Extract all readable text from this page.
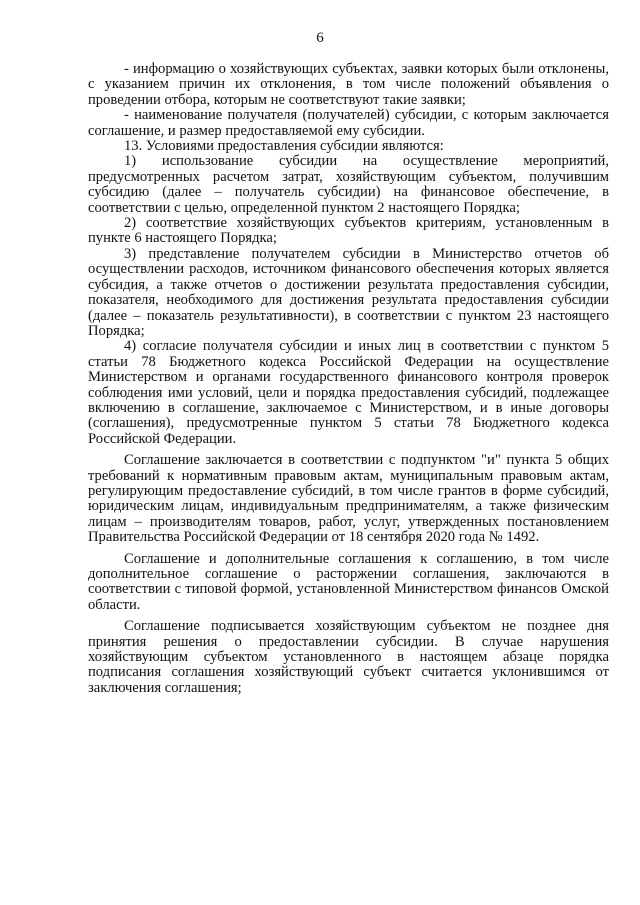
6

- информацию о хозяйствующих субъектах, заявки которых были отклонены, с указанием причин их отклонения, в том числе положений объявления о проведении отбора, которым не соответствуют такие заявки;

- наименование получателя (получателей) субсидии, с которым заключается соглашение, и размер предоставляемой ему субсидии.

13. Условиями предоставления субсидии являются:

1) использование субсидии на осуществление мероприятий, предусмотренных расчетом затрат, хозяйствующим субъектом, получившим субсидию (далее – получатель субсидии) на финансовое обеспечение, в соответствии с целью, определенной пунктом 2 настоящего Порядка;

2) соответствие хозяйствующих субъектов критериям, установленным в пункте 6 настоящего Порядка;

3) представление получателем субсидии в Министерство отчетов об осуществлении расходов, источником финансового обеспечения которых является субсидия, а также отчетов о достижении результата предоставления субсидии, показателя, необходимого для достижения результата предоставления субсидии (далее – показатель результативности), в соответствии с пунктом 23 настоящего Порядка;

4) согласие получателя субсидии и иных лиц в соответствии с пунктом 5 статьи 78 Бюджетного кодекса Российской Федерации на осуществление Министерством и органами государственного финансового контроля проверок соблюдения ими условий, цели и порядка предоставления субсидий, подлежащее включению в соглашение, заключаемое с Министерством, и в иные договоры (соглашения), предусмотренные пунктом 5 статьи 78 Бюджетного кодекса Российской Федерации.

Соглашение заключается в соответствии с подпунктом "и" пункта 5 общих требований к нормативным правовым актам, муниципальным правовым актам, регулирующим предоставление субсидий, в том числе грантов в форме субсидий, юридическим лицам, индивидуальным предпринимателям, а также физическим лицам – производителям товаров, работ, услуг, утвержденных постановлением Правительства Российской Федерации от 18 сентября 2020 года № 1492.

Соглашение и дополнительные соглашения к соглашению, в том числе дополнительное соглашение о расторжении соглашения, заключаются в соответствии с типовой формой, установленной Министерством финансов Омской области.

Соглашение подписывается хозяйствующим субъектом не позднее дня принятия решения о предоставлении субсидии. В случае нарушения хозяйствующим субъектом установленного в настоящем абзаце порядка подписания соглашения хозяйствующий субъект считается уклонившимся от заключения соглашения;
